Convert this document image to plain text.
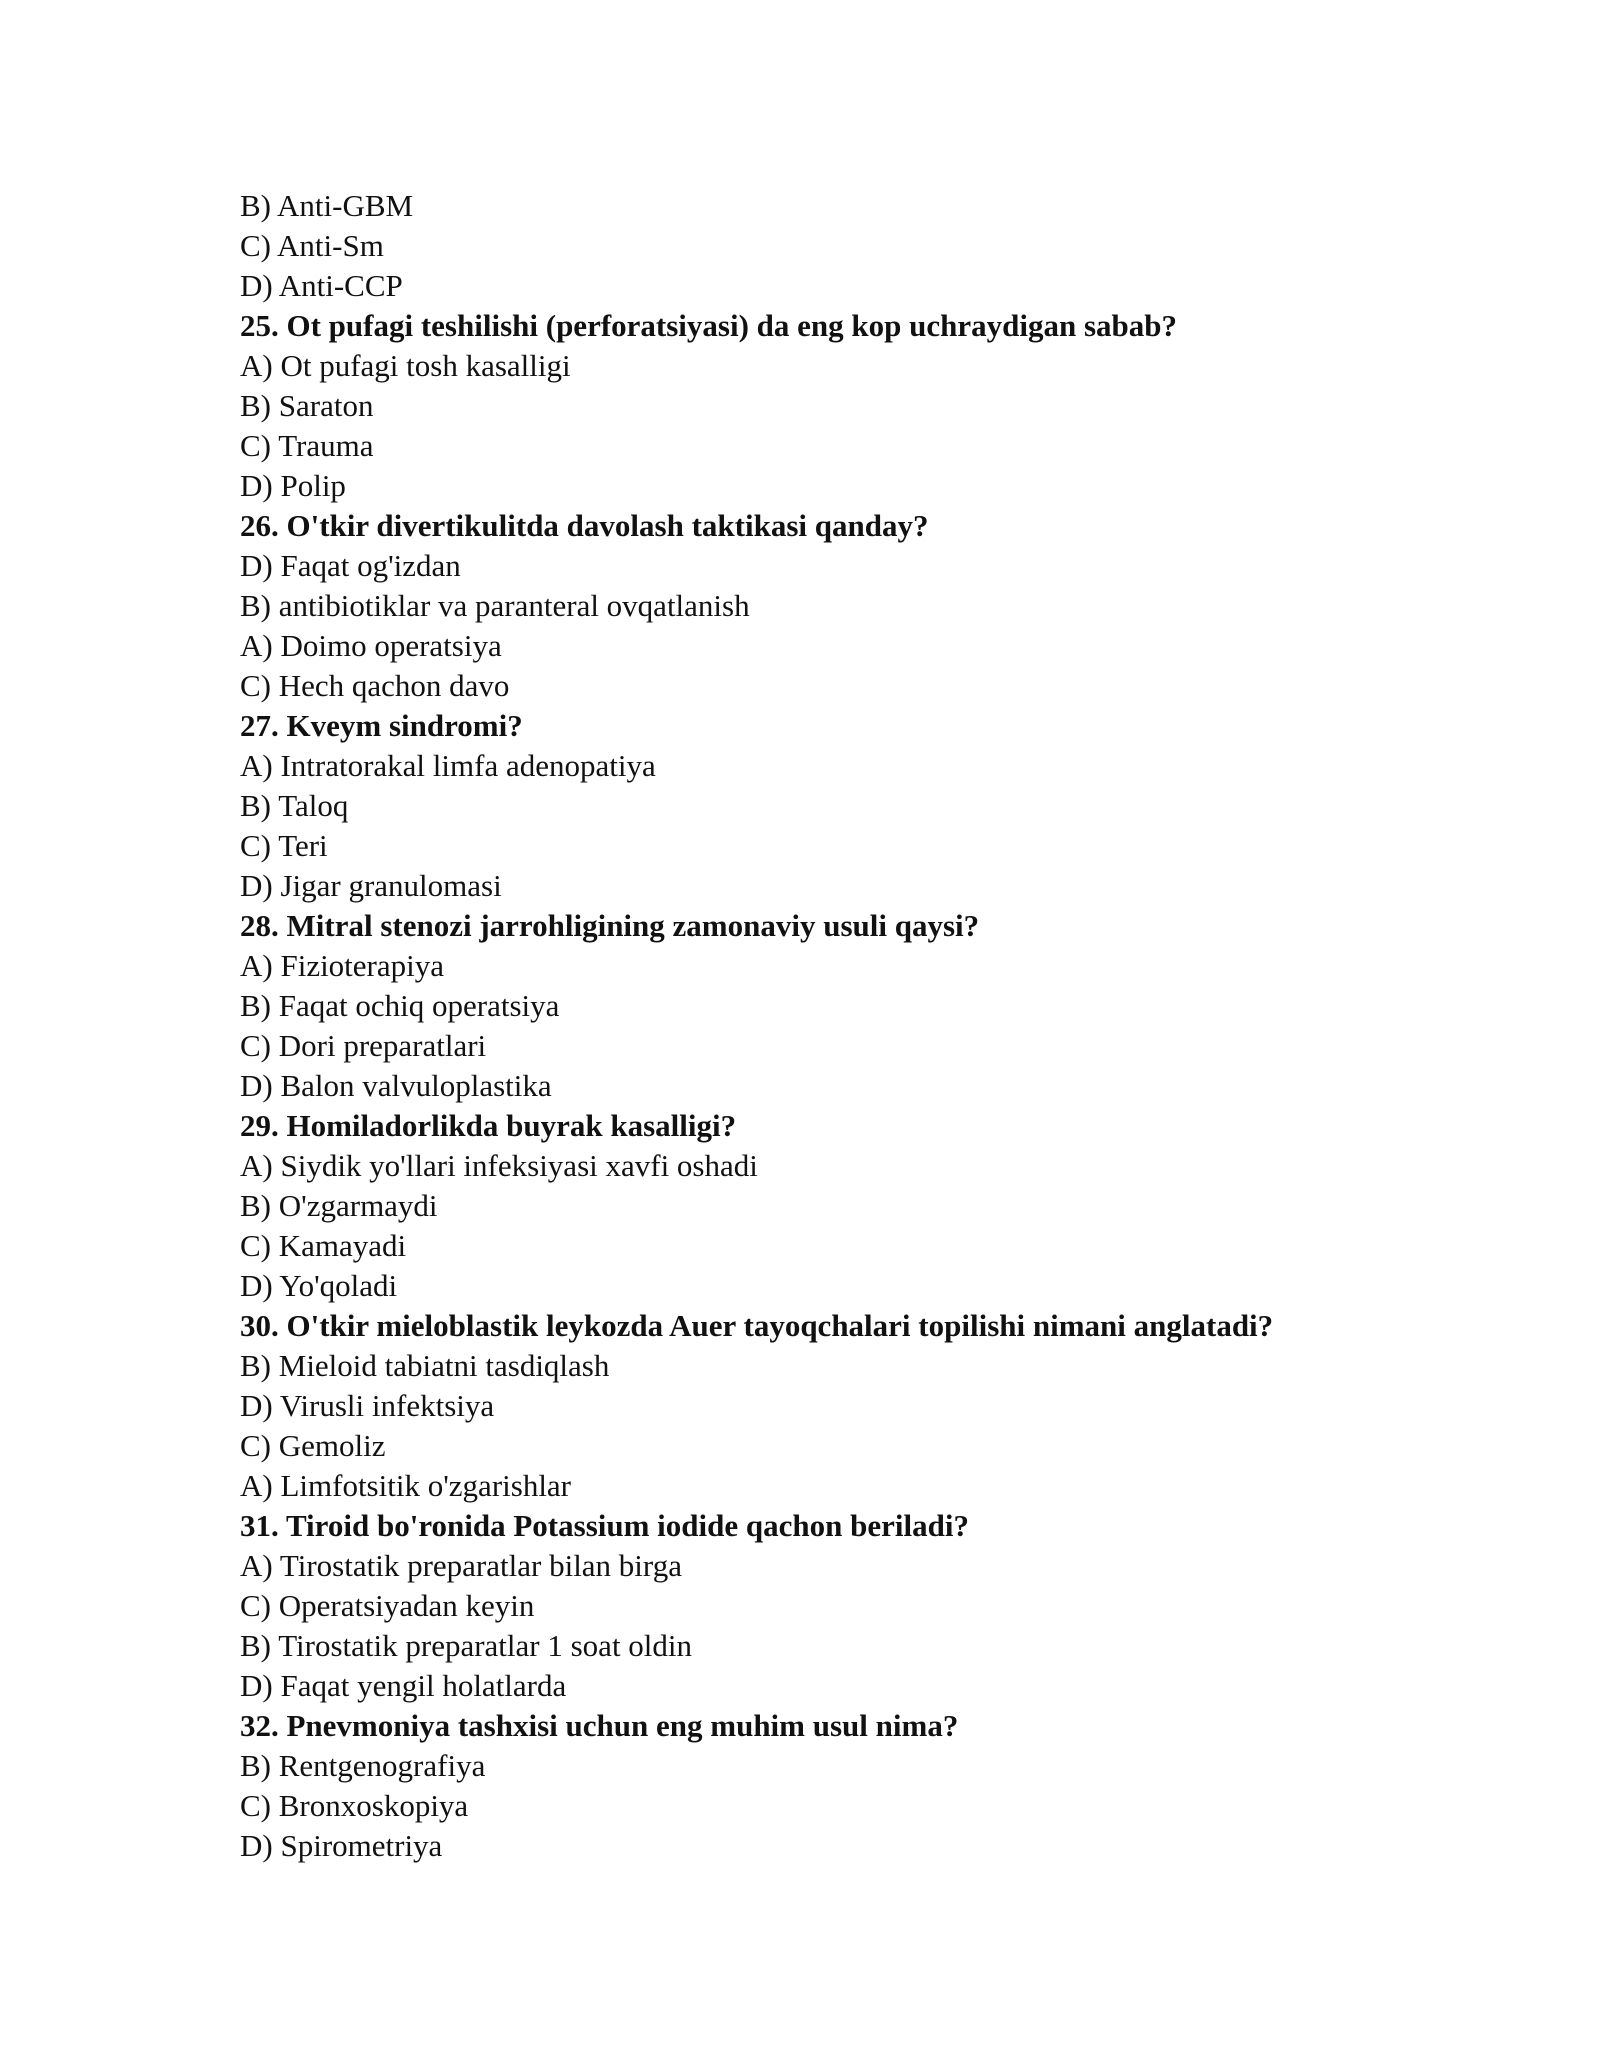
B) Anti-GBM
C) Anti-Sm
D) Anti-CCP
25. Ot pufagi teshilishi (perforatsiyasi) da eng kop uchraydigan sabab?
A) Ot pufagi tosh kasalligi
B) Saraton
C) Trauma
D) Polip
26. O'tkir divertikulitda davolash taktikasi qanday?
D) Faqat og'izdan
B) antibiotiklar va paranteral ovqatlanish
A) Doimo operatsiya
C) Hech qachon davo
27. Kveym sindromi?
A) Intratorakal limfa adenopatiya
B) Taloq
C) Teri
D) Jigar granulomasi
28. Mitral stenozi jarrohligining zamonaviy usuli qaysi?
A) Fizioterapiya
B) Faqat ochiq operatsiya
C) Dori preparatlari
D) Balon valvuloplastika
29. Homiladorlikda buyrak kasalligi?
A) Siydik yo'llari infeksiyasi xavfi oshadi
B) O'zgarmaydi
C) Kamayadi
D) Yo'qoladi
30. O'tkir mieloblastik leykozda Auer tayoqchalari topilishi nimani anglatadi?
B) Mieloid tabiatni tasdiqlash
D) Virusli infektsiya
C) Gemoliz
A) Limfotsitik o'zgarishlar
31. Tiroid bo'ronida Potassium iodide qachon beriladi?
A) Tirostatik preparatlar bilan birga
C) Operatsiyadan keyin
B) Tirostatik preparatlar 1 soat oldin
D) Faqat yengil holatlarda
32. Pnevmoniya tashxisi uchun eng muhim usul nima?
B) Rentgenografiya
C) Bronxoskopiya
D) Spirometriya
